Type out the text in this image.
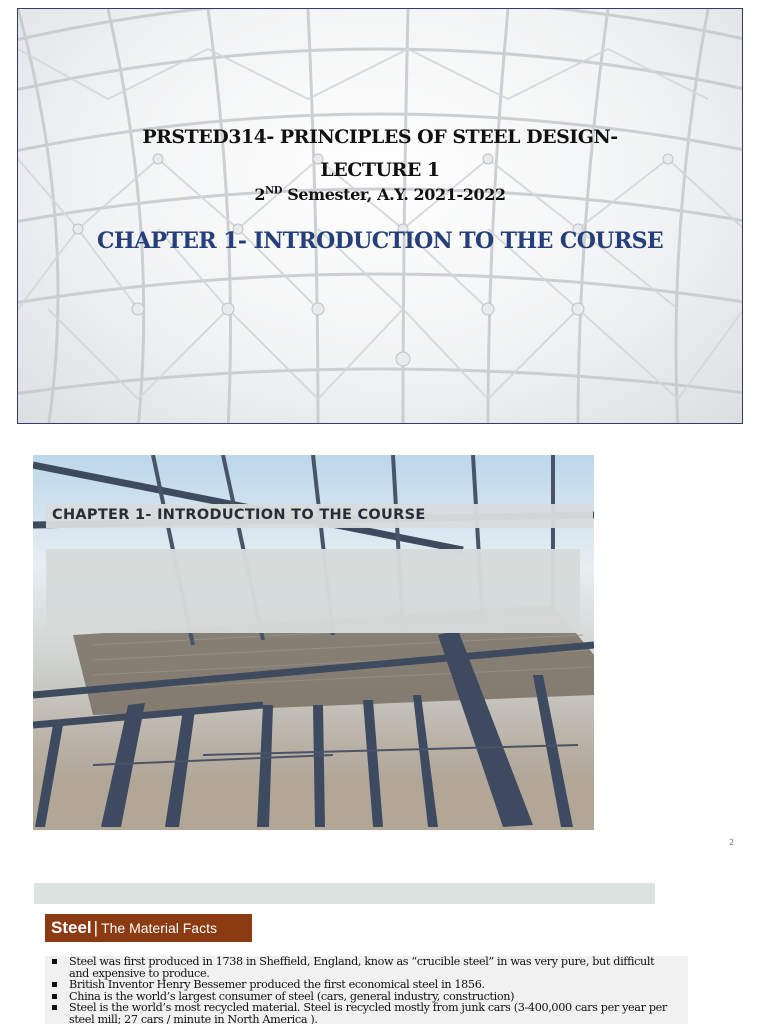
PRSTED314- PRINCIPLES OF STEEL DESIGN-
LECTURE 1
2ND Semester, A.Y. 2021-2022
CHAPTER 1- INTRODUCTION TO THE COURSE
CHAPTER 1- INTRODUCTION TO THE COURSE
2
Steel | The Material Facts
Steel was first produced in 1738 in Sheffield, England, know as “crucible steel” in was very pure, but difficult
and expensive to produce.
British Inventor Henry Bessemer produced the first economical steel in 1856.
China is the world’s largest consumer of steel (cars, general industry, construction)
Steel is the world’s most recycled material. Steel is recycled mostly from junk cars (3-400,000 cars per year per
steel mill; 27 cars / minute in North America ).
